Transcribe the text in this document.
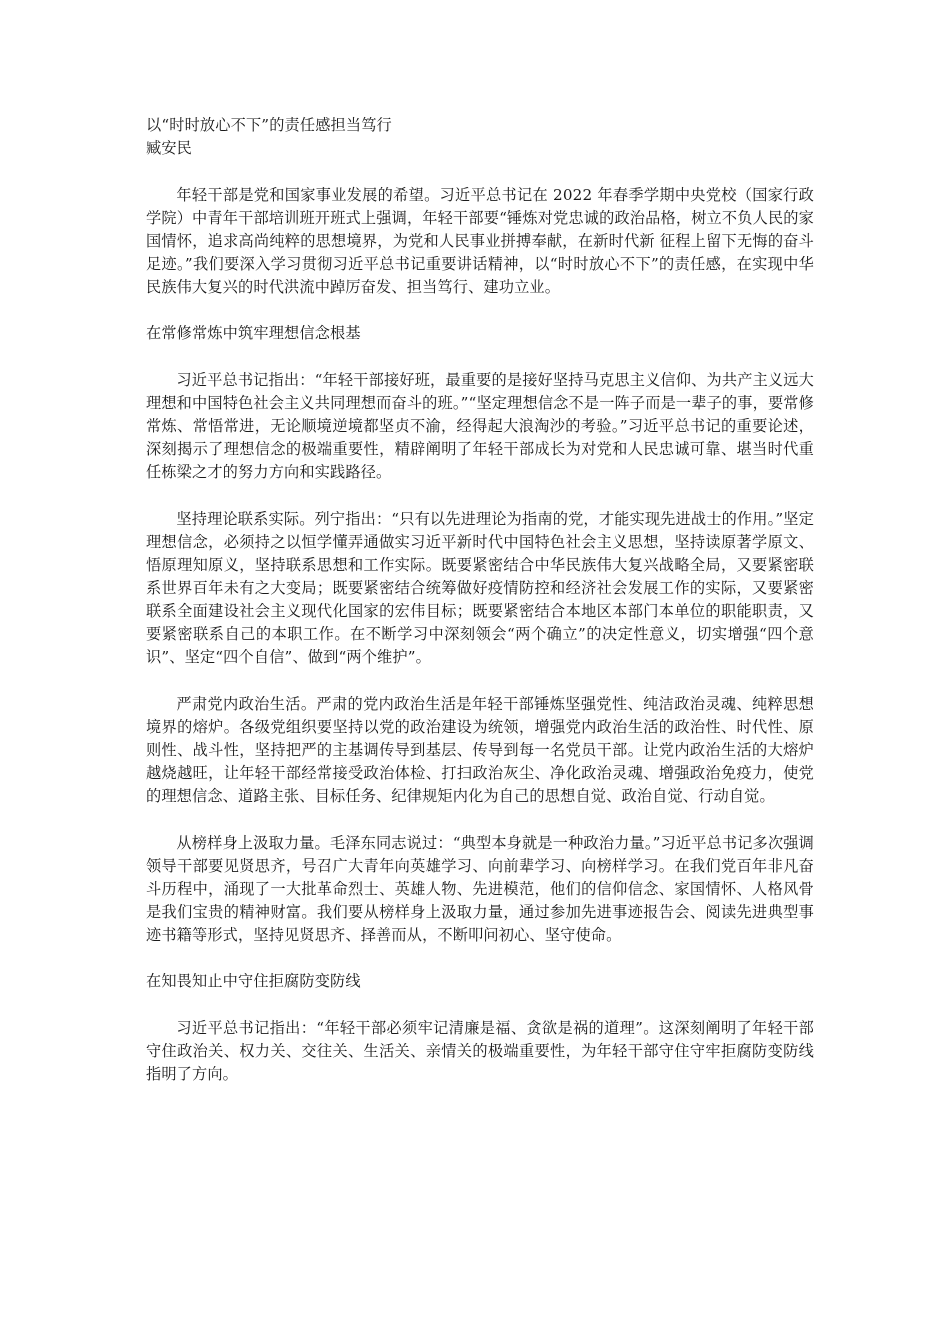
以“时时放心不下”的责任感担当笃行

臧安民

年轻干部是党和国家事业发展的希望。习近平总书记在 2022 年春季学期中央党校（国家行政学院）中青年干部培训班开班式上强调，年轻干部要“锤炼对党忠诚的政治品格，树立不负人民的家国情怀，追求高尚纯粹的思想境界，为党和人民事业拼搏奉献，在新时代新 征程上留下无悔的奋斗足迹。”我们要深入学习贯彻习近平总书记重要讲话精神，以“时时放心不下”的责任感，在实现中华民族伟大复兴的时代洪流中踔厉奋发、担当笃行、建功立业。

在常修常炼中筑牢理想信念根基

习近平总书记指出：“年轻干部接好班，最重要的是接好坚持马克思主义信仰、为共产主义远大理想和中国特色社会主义共同理想而奋斗的班。”“坚定理想信念不是一阵子而是一辈子的事，要常修常炼、常悟常进，无论顺境逆境都坚贞不渝，经得起大浪淘沙的考验。”习近平总书记的重要论述，深刻揭示了理想信念的极端重要性，精辟阐明了年轻干部成长为对党和人民忠诚可靠、堪当时代重任栋梁之才的努力方向和实践路径。

坚持理论联系实际。列宁指出：“只有以先进理论为指南的党，才能实现先进战士的作用。”坚定理想信念，必须持之以恒学懂弄通做实习近平新时代中国特色社会主义思想，坚持读原著学原文、悟原理知原义，坚持联系思想和工作实际。既要紧密结合中华民族伟大复兴战略全局，又要紧密联系世界百年未有之大变局；既要紧密结合统筹做好疫情防控和经济社会发展工作的实际，又要紧密联系全面建设社会主义现代化国家的宏伟目标；既要紧密结合本地区本部门本单位的职能职责，又要紧密联系自己的本职工作。在不断学习中深刻领会“两个确立”的决定性意义，切实增强“四个意识”、坚定“四个自信”、做到“两个维护”。

严肃党内政治生活。严肃的党内政治生活是年轻干部锤炼坚强党性、纯洁政治灵魂、纯粹思想境界的熔炉。各级党组织要坚持以党的政治建设为统领，增强党内政治生活的政治性、时代性、原则性、战斗性，坚持把严的主基调传导到基层、传导到每一名党员干部。让党内政治生活的大熔炉越烧越旺，让年轻干部经常接受政治体检、打扫政治灰尘、净化政治灵魂、增强政治免疫力，使党的理想信念、道路主张、目标任务、纪律规矩内化为自己的思想自觉、政治自觉、行动自觉。

从榜样身上汲取力量。毛泽东同志说过：“典型本身就是一种政治力量。”习近平总书记多次强调领导干部要见贤思齐，号召广大青年向英雄学习、向前辈学习、向榜样学习。在我们党百年非凡奋斗历程中，涌现了一大批革命烈士、英雄人物、先进模范，他们的信仰信念、家国情怀、人格风骨是我们宝贵的精神财富。我们要从榜样身上汲取力量，通过参加先进事迹报告会、阅读先进典型事迹书籍等形式，坚持见贤思齐、择善而从，不断叩问初心、坚守使命。

在知畏知止中守住拒腐防变防线

习近平总书记指出：“年轻干部必须牢记清廉是福、贪欲是祸的道理”。这深刻阐明了年轻干部守住政治关、权力关、交往关、生活关、亲情关的极端重要性，为年轻干部守住守牢拒腐防变防线指明了方向。
